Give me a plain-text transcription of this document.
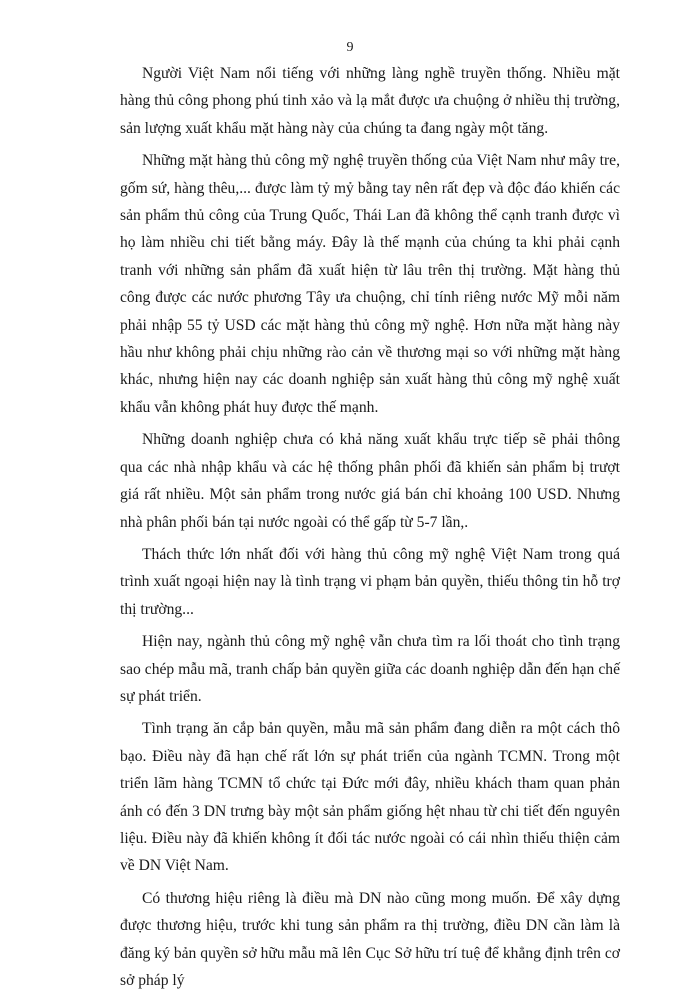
9

Người Việt Nam nổi tiếng với những làng nghề truyền thống. Nhiều mặt hàng thủ công phong phú tinh xảo và lạ mắt được ưa chuộng ở nhiều thị trường, sản lượng xuất khẩu mặt hàng này của chúng ta đang ngày một tăng.

Những mặt hàng thủ công mỹ nghệ truyền thống của Việt Nam như mây tre, gốm sứ, hàng thêu,... được làm tỷ mỷ bằng tay nên rất đẹp và độc đáo khiến các sản phẩm thủ công của Trung Quốc, Thái Lan đã không thể cạnh tranh được vì họ làm nhiều chi tiết bằng máy. Đây là thế mạnh của chúng ta khi phải cạnh tranh với những sản phẩm đã xuất hiện từ lâu trên thị trường. Mặt hàng thủ công được các nước phương Tây ưa chuộng, chỉ tính riêng nước Mỹ mỗi năm phải nhập 55 tỷ USD các mặt hàng thủ công mỹ nghệ. Hơn nữa mặt hàng này hầu như không phải chịu những rào cản về thương mại so với những mặt hàng khác, nhưng hiện nay các doanh nghiệp sản xuất hàng thủ công mỹ nghệ xuất khẩu vẫn không phát huy được thế mạnh.

Những doanh nghiệp chưa có khả năng xuất khẩu trực tiếp sẽ phải thông qua các nhà nhập khẩu và các hệ thống phân phối đã khiến sản phẩm bị trượt giá rất nhiều. Một sản phẩm trong nước giá bán chỉ khoảng 100 USD. Nhưng nhà phân phối bán tại nước ngoài có thể gấp từ 5-7 lần,.

Thách thức lớn nhất đối với hàng thủ công mỹ nghệ Việt Nam trong quá trình xuất ngoại hiện nay là tình trạng vi phạm bản quyền, thiếu thông tin hỗ trợ thị trường...

Hiện nay, ngành thủ công mỹ nghệ vẫn chưa tìm ra lối thoát cho tình trạng sao chép mẫu mã, tranh chấp bản quyền giữa các doanh nghiệp dẫn đến hạn chế sự phát triển.

Tình trạng ăn cắp bản quyền, mẫu mã sản phẩm đang diễn ra một cách thô bạo. Điều này đã hạn chế rất lớn sự phát triển của ngành TCMN. Trong một triển lãm hàng TCMN tổ chức tại Đức mới đây, nhiều khách tham quan phản ánh có đến 3 DN trưng bày một sản phẩm giống hệt nhau từ chi tiết đến nguyên liệu. Điều này đã khiến không ít đối tác nước ngoài có cái nhìn thiếu thiện cảm về DN Việt Nam.

Có thương hiệu riêng là điều mà DN nào cũng mong muốn. Để xây dựng được thương hiệu, trước khi tung sản phẩm ra thị trường, điều DN cần làm là đăng ký bản quyền sở hữu mẫu mã lên Cục Sở hữu trí tuệ để khẳng định trên cơ sở pháp lý
